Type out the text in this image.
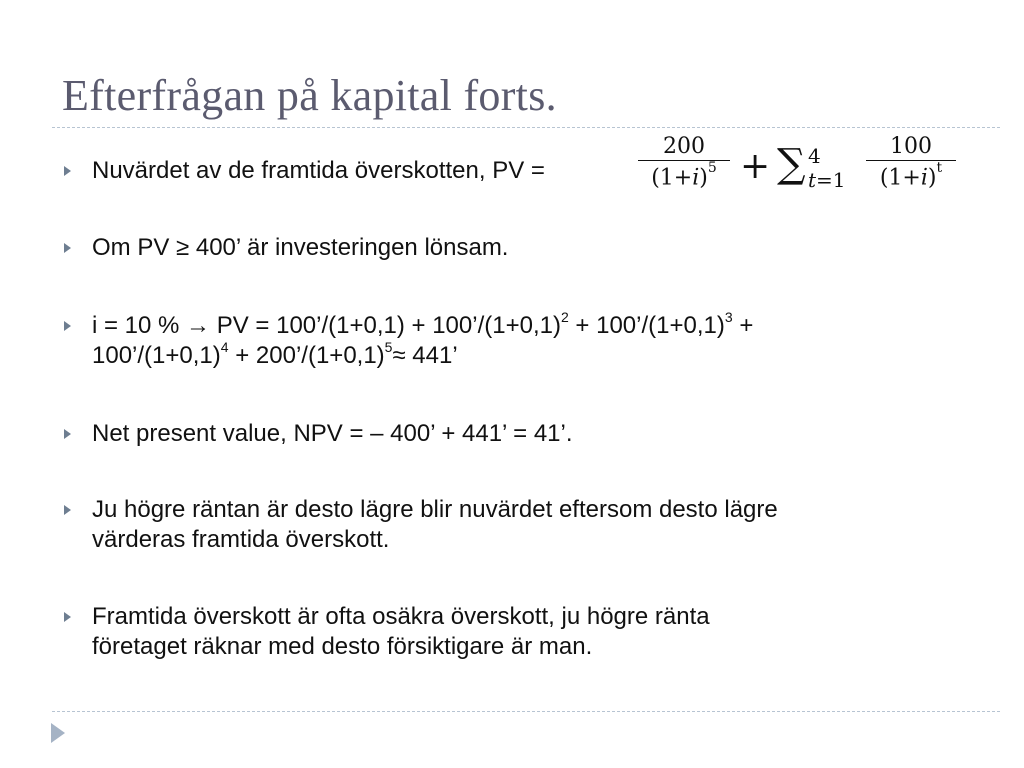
Efterfrågan på kapital forts.
Nuvärdet av de framtida överskotten, PV =
200
$(1+i)^5$ + ∑ 4
t=1
100
$(1+i)^t$
Om PV ≥ 400’ är investeringen lönsam.
i = 10 % → PV = 100’/(1+0,1) + $100’/(1+0,1)^2$ + $100’/(1+0,1)^3$ +
$100’/(1+0,1)^4$ + $200’/(1+0,1)^5\approx 441$’
Net present value, NPV = – 400’ + 441’ = 41’.
Ju högre räntan är desto lägre blir nuvärdet eftersom desto lägre
värderas framtida överskott.
Framtida överskott är ofta osäkra överskott, ju högre ränta
företaget räknar med desto försiktigare är man.
